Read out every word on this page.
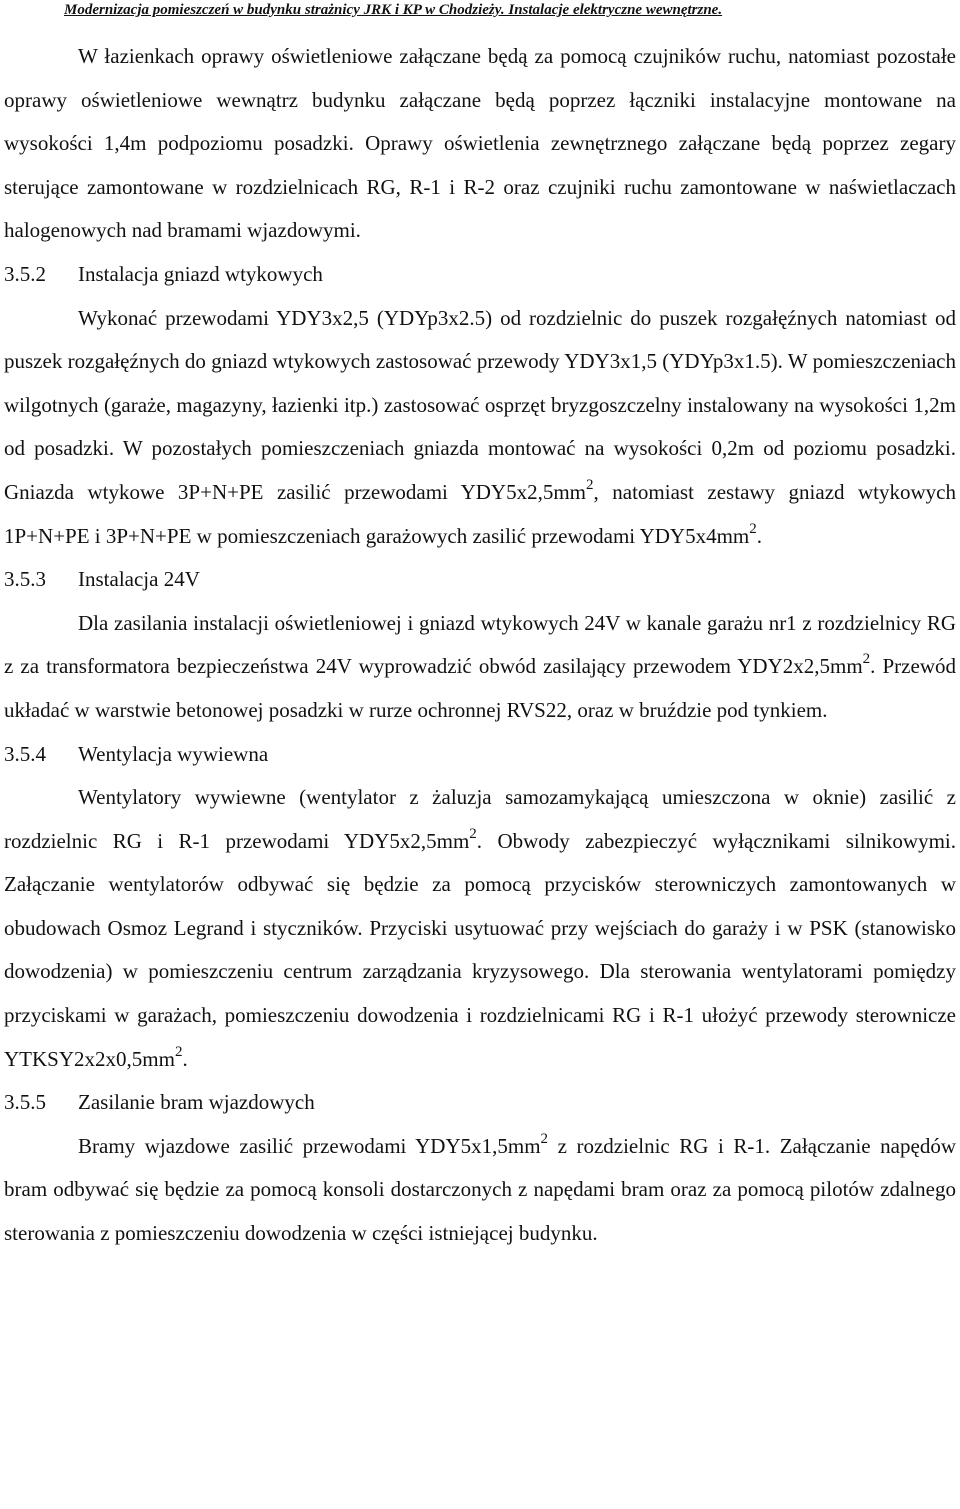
Modernizacja pomieszczeń w budynku strażnicy JRK i KP w Chodzieży. Instalacje elektryczne wewnętrzne.

W łazienkach oprawy oświetleniowe załączane będą za pomocą czujników ruchu, natomiast pozostałe oprawy oświetleniowe wewnątrz budynku załączane będą poprzez łączniki instalacyjne montowane na wysokości 1,4m podpoziomu posadzki. Oprawy oświetlenia zewnętrznego załączane będą poprzez zegary sterujące zamontowane w rozdzielnicach RG, R-1 i R-2 oraz czujniki ruchu zamontowane w naświetlaczach halogenowych nad bramami wjazdowymi.

3.5.2 Instalacja gniazd wtykowych

Wykonać przewodami YDY3x2,5 (YDYp3x2.5) od rozdzielnic do puszek rozgałęźnych natomiast od puszek rozgałęźnych do gniazd wtykowych zastosować przewody YDY3x1,5 (YDYp3x1.5). W pomieszczeniach wilgotnych (garaże, magazyny, łazienki itp.) zastosować osprzęt bryzgoszczelny instalowany na wysokości 1,2m od posadzki. W pozostałych pomieszczeniach gniazda montować na wysokości 0,2m od poziomu posadzki. Gniazda wtykowe 3P+N+PE zasilić przewodami $YDY5x2,5mm^2$, natomiast zestawy gniazd wtykowych 1P+N+PE i 3P+N+PE w pomieszczeniach garażowych zasilić przewodami $YDY5x4mm^2$.

3.5.3 Instalacja 24V

Dla zasilania instalacji oświetleniowej i gniazd wtykowych 24V w kanale garażu nr1 z rozdzielnicy RG z za transformatora bezpieczeństwa 24V wyprowadzić obwód zasilający przewodem $YDY2x2,5mm^2$. Przewód układać w warstwie betonowej posadzki w rurze ochronnej RVS22, oraz w bruździe pod tynkiem.

3.5.4 Wentylacja wywiewna

Wentylatory wywiewne (wentylator z żaluzja samozamykającą umieszczona w oknie) zasilić z rozdzielnic RG i R-1 przewodami $YDY5x2,5mm^2$. Obwody zabezpieczyć wyłącznikami silnikowymi. Załączanie wentylatorów odbywać się będzie za pomocą przycisków sterowniczych zamontowanych w obudowach Osmoz Legrand i styczników. Przyciski usytuować przy wejściach do garaży i w PSK (stanowisko dowodzenia) w pomieszczeniu centrum zarządzania kryzysowego. Dla sterowania wentylatorami pomiędzy przyciskami w garażach, pomieszczeniu dowodzenia i rozdzielnicami RG i R-1 ułożyć przewody sterownicze $YTKSY2x2x0,5mm^2$.

3.5.5 Zasilanie bram wjazdowych

Bramy wjazdowe zasilić przewodami $YDY5x1,5mm^2$ z rozdzielnic RG i R-1. Załączanie napędów bram odbywać się będzie za pomocą konsoli dostarczonych z napędami bram oraz za pomocą pilotów zdalnego sterowania z pomieszczeniu dowodzenia w części istniejącej budynku.
